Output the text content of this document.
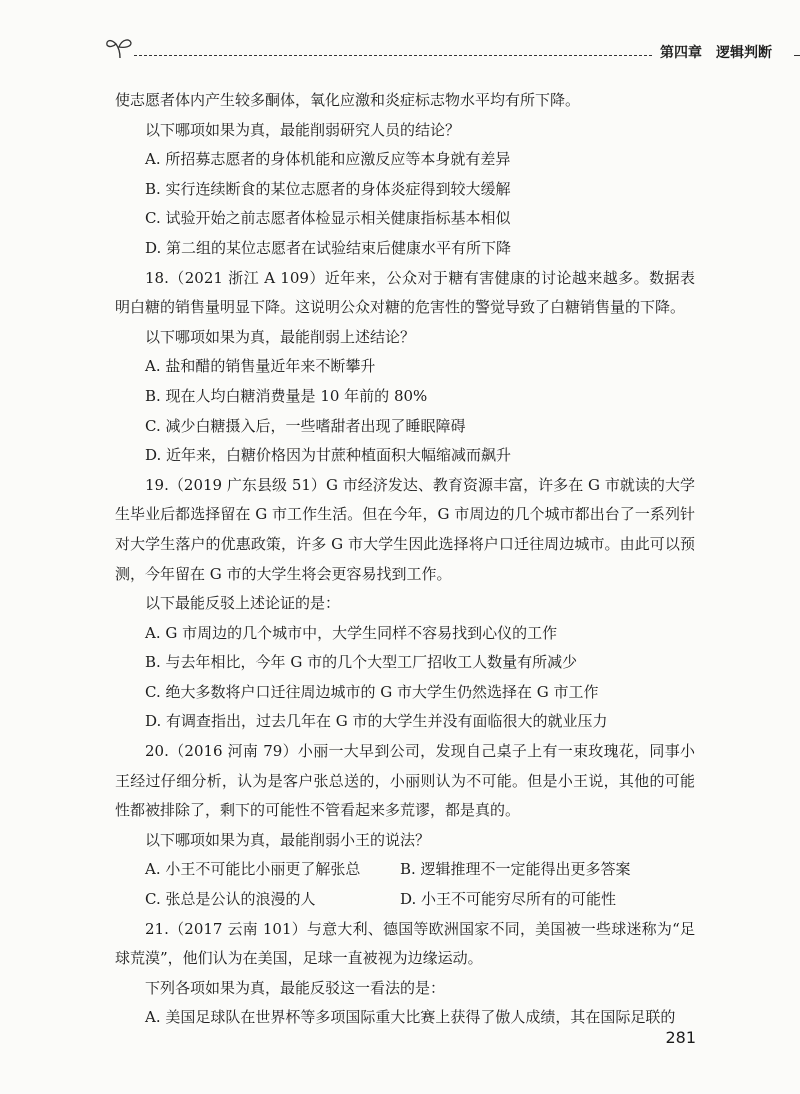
第四章 逻辑判断

使志愿者体内产生较多酮体，氧化应激和炎症标志物水平均有所下降。

以下哪项如果为真，最能削弱研究人员的结论？

A. 所招募志愿者的身体机能和应激反应等本身就有差异

B. 实行连续断食的某位志愿者的身体炎症得到较大缓解

C. 试验开始之前志愿者体检显示相关健康指标基本相似

D. 第二组的某位志愿者在试验结束后健康水平有所下降

18.（2021 浙江 A 109）近年来，公众对于糖有害健康的讨论越来越多。数据表明白糖的销售量明显下降。这说明公众对糖的危害性的警觉导致了白糖销售量的下降。

以下哪项如果为真，最能削弱上述结论？

A. 盐和醋的销售量近年来不断攀升

B. 现在人均白糖消费量是 10 年前的 80%

C. 减少白糖摄入后，一些嗜甜者出现了睡眠障碍

D. 近年来，白糖价格因为甘蔗种植面积大幅缩减而飙升

19.（2019 广东县级 51）G 市经济发达、教育资源丰富，许多在 G 市就读的大学生毕业后都选择留在 G 市工作生活。但在今年，G 市周边的几个城市都出台了一系列针对大学生落户的优惠政策，许多 G 市大学生因此选择将户口迁往周边城市。由此可以预测，今年留在 G 市的大学生将会更容易找到工作。

以下最能反驳上述论证的是：

A. G 市周边的几个城市中，大学生同样不容易找到心仪的工作

B. 与去年相比，今年 G 市的几个大型工厂招收工人数量有所减少

C. 绝大多数将户口迁往周边城市的 G 市大学生仍然选择在 G 市工作

D. 有调查指出，过去几年在 G 市的大学生并没有面临很大的就业压力

20.（2016 河南 79）小丽一大早到公司，发现自己桌子上有一束玫瑰花，同事小王经过仔细分析，认为是客户张总送的，小丽则认为不可能。但是小王说，其他的可能性都被排除了，剩下的可能性不管看起来多荒谬，都是真的。

以下哪项如果为真，最能削弱小王的说法？

A. 小王不可能比小丽更了解张总	B. 逻辑推理不一定能得出更多答案
C. 张总是公认的浪漫的人	D. 小王不可能穷尽所有的可能性

21.（2017 云南 101）与意大利、德国等欧洲国家不同，美国被一些球迷称为“足球荒漠”，他们认为在美国，足球一直被视为边缘运动。

下列各项如果为真，最能反驳这一看法的是：

A. 美国足球队在世界杯等多项国际重大比赛上获得了傲人成绩，其在国际足联的

281
